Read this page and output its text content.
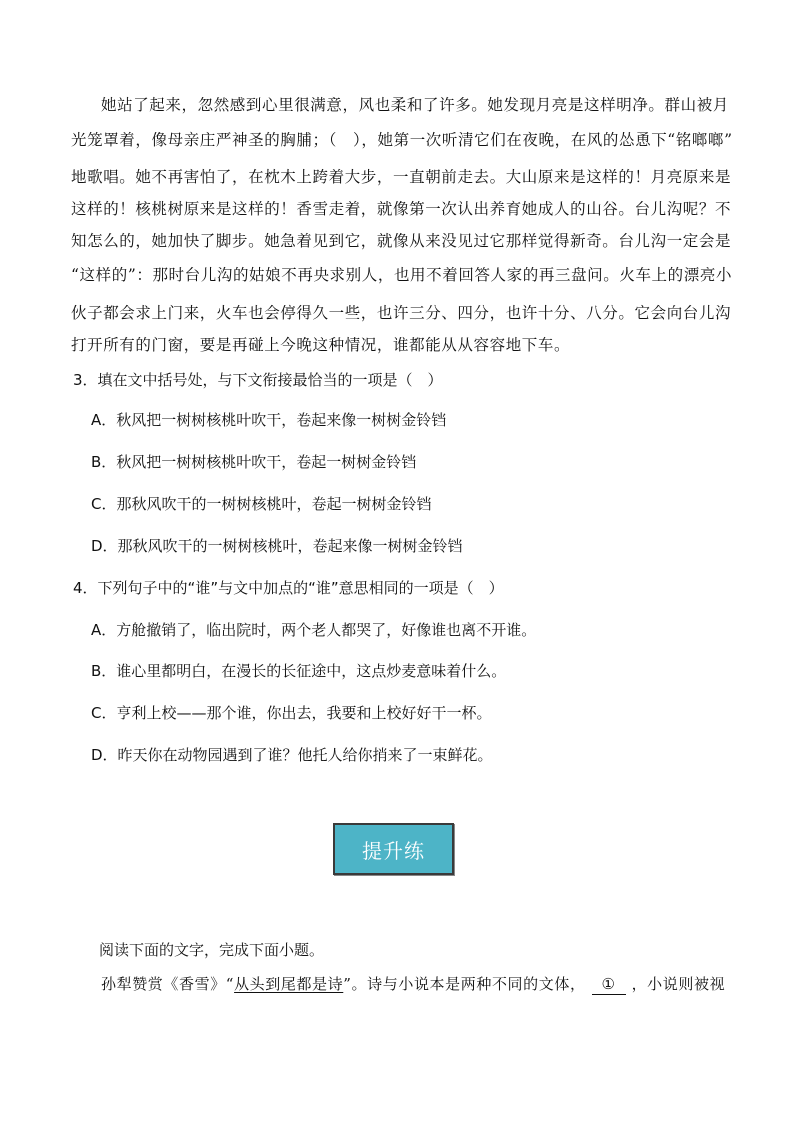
她站了起来，忽然感到心里很满意，风也柔和了许多。她发现月亮是这样明净。群山被月
光笼罩着，像母亲庄严神圣的胸脯；（　），她第一次听清它们在夜晚，在风的怂恿下“铭啷啷”
地歌唱。她不再害怕了，在枕木上跨着大步，一直朝前走去。大山原来是这样的！月亮原来是
这样的！核桃树原来是这样的！香雪走着，就像第一次认出养育她成人的山谷。台儿沟呢？不
知怎么的，她加快了脚步。她急着见到它，就像从来没见过它那样觉得新奇。台儿沟一定会是
“这样的”：那时台儿沟的姑娘不再央求别人，也用不着回答人家的再三盘问。火车上的漂亮小
伙子都会求上门来，火车也会停得久一些，也许三分、四分，也许十分、八分。它会向台儿沟
打开所有的门窗，要是再碰上今晚这种情况，谁都能从从容容地下车。
3．填在文中括号处，与下文衔接最恰当的一项是（　）
A．秋风把一树树核桃叶吹干，卷起来像一树树金铃铛
B．秋风把一树树核桃叶吹干，卷起一树树金铃铛
C．那秋风吹干的一树树核桃叶，卷起一树树金铃铛
D．那秋风吹干的一树树核桃叶，卷起来像一树树金铃铛
4．下列句子中的“谁”与文中加点的“谁”意思相同的一项是（　）
A．方舱撤销了，临出院时，两个老人都哭了，好像谁也离不开谁。
B．谁心里都明白，在漫长的长征途中，这点炒麦意味着什么。
C．亨利上校——那个谁，你出去，我要和上校好好干一杯。
D．昨天你在动物园遇到了谁？他托人给你捎来了一束鲜花。
提升练
阅读下面的文字，完成下面小题。
孙犁赞赏《香雪》“从头到尾都是诗”。诗与小说本是两种不同的文体， ① ，小说则被视
